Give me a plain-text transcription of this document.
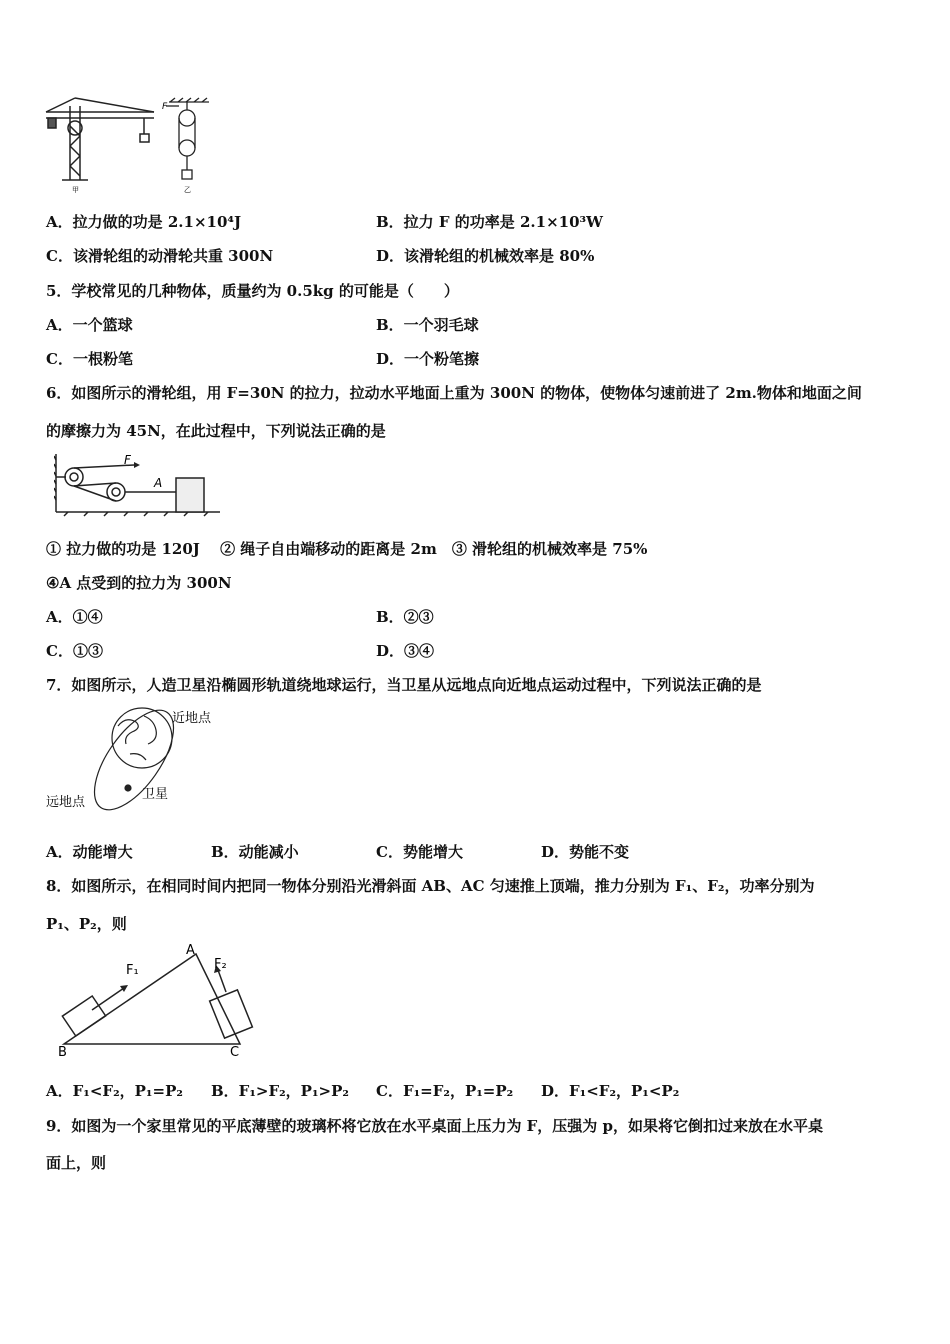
F
甲	乙
A．拉力做的功是 2.1×10⁴J	B．拉力 F 的功率是 2.1×10³W
C．该滑轮组的动滑轮共重 300N	D．该滑轮组的机械效率是 80%
5．学校常见的几种物体，质量约为 0.5kg 的可能是（　　）
A．一个篮球	B．一个羽毛球
C．一根粉笔	D．一个粉笔擦
6．如图所示的滑轮组，用 F=30N 的拉力，拉动水平地面上重为 300N 的物体，使物体匀速前进了 2m.物体和地面之间
的摩擦力为 45N，在此过程中，下列说法正确的是
F
A
① 拉力做的功是 120J　 ② 绳子自由端移动的距离是 2m　③ 滑轮组的机械效率是 75%
④A 点受到的拉力为 300N
A．①④	B．②③
C．①③	D．③④
7．如图所示，人造卫星沿椭圆形轨道绕地球运行，当卫星从远地点向近地点运动过程中，下列说法正确的是
近地点
远地点
卫星
A．动能增大	B．动能减小	C．势能增大	D．势能不变
8．如图所示，在相同时间内把同一物体分别沿光滑斜面 AB、AC 匀速推上顶端，推力分别为 F₁、F₂，功率分别为
P₁、P₂，则
A
B	C
F₁	F₂
A．F₁<F₂，P₁=P₂ B．F₁>F₂，P₁>P₂ C．F₁=F₂，P₁=P₂ D．F₁<F₂，P₁<P₂
9．如图为一个家里常见的平底薄壁的玻璃杯将它放在水平桌面上压力为 F，压强为 p，如果将它倒扣过来放在水平桌
面上，则
